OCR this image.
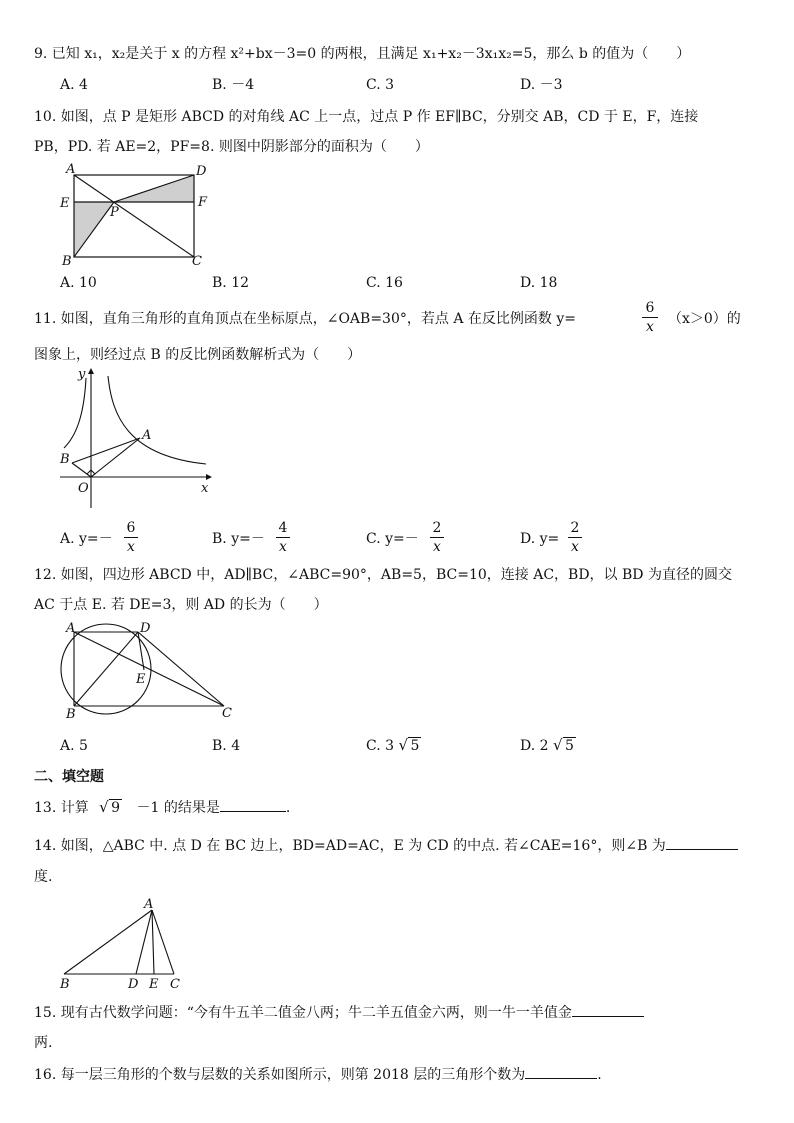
9. 已知 x₁，x₂是关于 x 的方程 x²+bx－3=0 的两根，且满足 x₁+x₂－3x₁x₂=5，那么 b 的值为（　　）
A. 4	B. －4	C. 3	D. －3
10. 如图，点 P 是矩形 ABCD 的对角线 AC 上一点，过点 P 作 EF∥BC，分别交 AB，CD 于 E，F，连接
PB，PD. 若 AE=2，PF=8. 则图中阴影部分的面积为（　　）
A	D
E	F
P
B	C
A. 10	B. 12	C. 16	D. 18
11. 如图，直角三角形的直角顶点在坐标原点，∠OAB=30°，若点 A 在反比例函数 y=
6
x （x＞0）的
图象上，则经过点 B 的反比例函数解析式为（　　）
y
A
B
O	x
A. y=－
6
x	B. y=－
4
x	C. y=－
2
x	D. y=
2
x
12. 如图，四边形 ABCD 中，AD∥BC，∠ABC=90°，AB=5，BC=10，连接 AC，BD，以 BD 为直径的圆交
AC 于点 E. 若 DE=3，则 AD 的长为（　　）
A	D
E
B	C
A. 5	B. 4	C. 3 √ 5	D. 2 √ 5
二、填空题
13. 计算 √ 9 －1 的结果是	.
14. 如图，△ABC 中. 点 D 在 BC 边上，BD=AD=AC，E 为 CD 的中点. 若∠CAE=16°，则∠B 为
度.
A
B	D E C
15. 现有古代数学问题：“今有牛五羊二值金八两；牛二羊五值金六两，则一牛一羊值金
两.
16. 每一层三角形的个数与层数的关系如图所示，则第 2018 层的三角形个数为	.
